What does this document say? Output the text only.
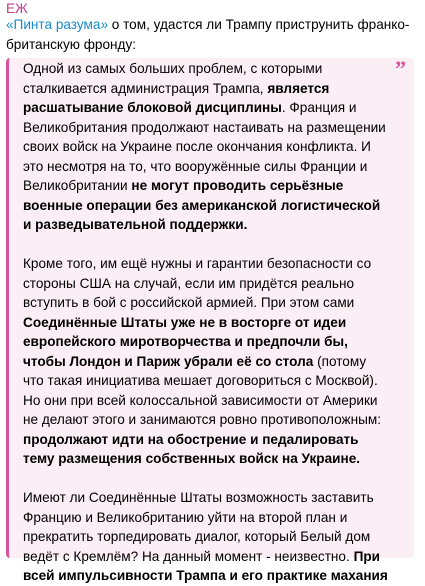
ЕЖ
«Пинта разума» о том, удастся ли Трампу приструнить франко-британскую фронду:
”

Одной из самых больших проблем, с которыми сталкивается администрация Трампа, является расшатывание блоковой дисциплины. Франция и Великобритания продолжают настаивать на размещении своих войск на Украине после окончания конфликта. И это несмотря на то, что вооружённые силы Франции и Великобритании не могут проводить серьёзные военные операции без американской логистической и разведывательной поддержки.

Кроме того, им ещё нужны и гарантии безопасности со стороны США на случай, если им придётся реально вступить в бой с российской армией. При этом сами Соединённые Штаты уже не в восторге от идеи европейского миротворчества и предпочли бы, чтобы Лондон и Париж убрали её со стола (потому что такая инициатива мешает договориться с Москвой). Но они при всей колоссальной зависимости от Америки не делают этого и занимаются ровно противоположным: продолжают идти на обострение и педалировать тему размещения собственных войск на Украине.

Имеют ли Соединённые Штаты возможность заставить Францию и Великобританию уйти на второй план и прекратить торпедировать диалог, который Белый дом ведёт с Кремлём? На данный момент - неизвестно. При всей импульсивности Трампа и его практике махания
